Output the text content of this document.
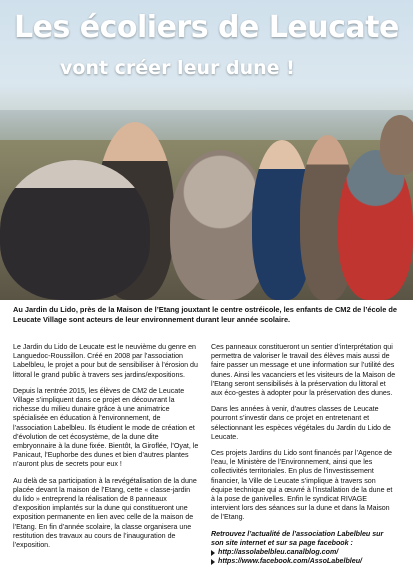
Les écoliers de Leucate
vont créer leur dune !

Au Jardin du Lido, près de la Maison de l’Etang jouxtant le centre ostréicole, les enfants de CM2 de l’école de Leucate Village sont acteurs de leur environnement durant leur année scolaire.

Le Jardin du Lido de Leucate est le neuvième du genre en Languedoc-Roussillon. Créé en 2008 par l’association Labelbleu, le projet a pour but de sensibiliser à l’érosion du littoral le grand public à travers ses jardins/expositions.

Depuis la rentrée 2015, les élèves de CM2 de Leucate Village s’impliquent dans ce projet en découvrant la richesse du milieu dunaire grâce à une animatrice spécialisée en éducation à l’environnement, de l’association Labelbleu. Ils étudient le mode de création et d’évolution de cet écosystème, de la dune dite embryonnaire à la dune fixée. Bientôt, la Giroflée, l’Oyat, le Panicaut, l’Euphorbe des dunes et bien d’autres plantes n’auront plus de secrets pour eux !

Au delà de sa participation à la revégétalisation de la dune placée devant la maison de l’Etang, cette « classe-jardin du lido » entreprend la réalisation de 8 panneaux d’exposition implantés sur la dune qui constitueront une exposition permanente en lien avec celle de la maison de l’Etang. En fin d’année scolaire, la classe organisera une restitution des travaux au cours de l’inauguration de l’exposition.

Ces panneaux constitueront un sentier d’interprétation qui permettra de valoriser le travail des élèves mais aussi de faire passer un message et une information sur l’utilité des dunes. Ainsi les vacanciers et les visiteurs de la Maison de l’Etang seront sensibilisés à la préservation du littoral et aux éco-gestes à adopter pour la préservation des dunes.

Dans les années à venir, d’autres classes de Leucate pourront s’investir dans ce projet en entretenant et sélectionnant les espèces végétales du Jardin du Lido de Leucate.

Ces projets Jardins du Lido sont financés par l’Agence de l’eau, le Ministère de l’Environnement, ainsi que les collectivités territoriales. En plus de l’investissement financier, la Ville de Leucate s’implique à travers son équipe technique qui a œuvré à l’installation de la dune et à la pose de ganivelles. Enfin le syndicat RIVAGE intervient lors des séances sur la dune et dans la Maison de l’Etang.

Retrouvez l’actualité de l’association Labelbleu sur son site internet et sur sa page facebook :
http://assolabelbleu.canalblog.com/
https://www.facebook.com/AssoLabelbleu/
